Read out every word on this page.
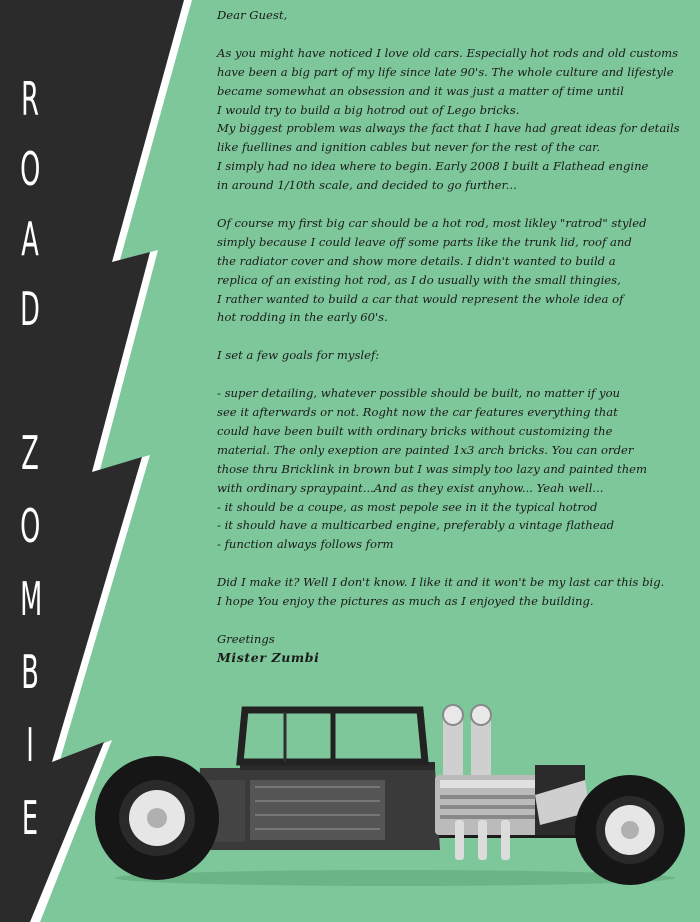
R
O
A
D
Z
O
M
B
I
E

Dear Guest,

As you might have noticed I love old cars. Especially hot rods and old customs
have been a big part of my life since late 90's. The whole culture and lifestyle
became somewhat an obsession and it was just a matter of time until
I would try to build a big hotrod out of Lego bricks.
My biggest problem was always the fact that I have had great ideas for details
like fuellines and ignition cables but never for the rest of the car.
I simply had no idea where to begin. Early 2008 I built a Flathead engine
in around 1/10th scale, and decided to go further...

Of course my first big car should be a hot rod, most likley "ratrod" styled
simply because I could leave off some parts like the trunk lid, roof and
the radiator cover and show more details. I didn't wanted to build a
replica of an existing hot rod, as I do usually with the small thingies,
I rather wanted to build a car that would represent the whole idea of
hot rodding in the early 60's.

I set a few goals for myslef:

- super detailing, whatever possible should be built, no matter if you
see it afterwards or not. Roght now the car features everything that
could have been built with ordinary bricks without customizing the
material. The only exeption are painted 1x3 arch bricks. You can order
those thru Bricklink in brown but I was simply too lazy and painted them
with ordinary spraypaint...And as they exist anyhow... Yeah well...
- it should be a coupe, as most pepole see in it the typical hotrod
- it should have a multicarbed engine, preferably a vintage flathead
- function always follows form

Did I make it? Well I don't know. I like it and it won't be my last car this big.
I hope You enjoy the pictures as much as I enjoyed the building.

Greetings

Mister Zumbi
